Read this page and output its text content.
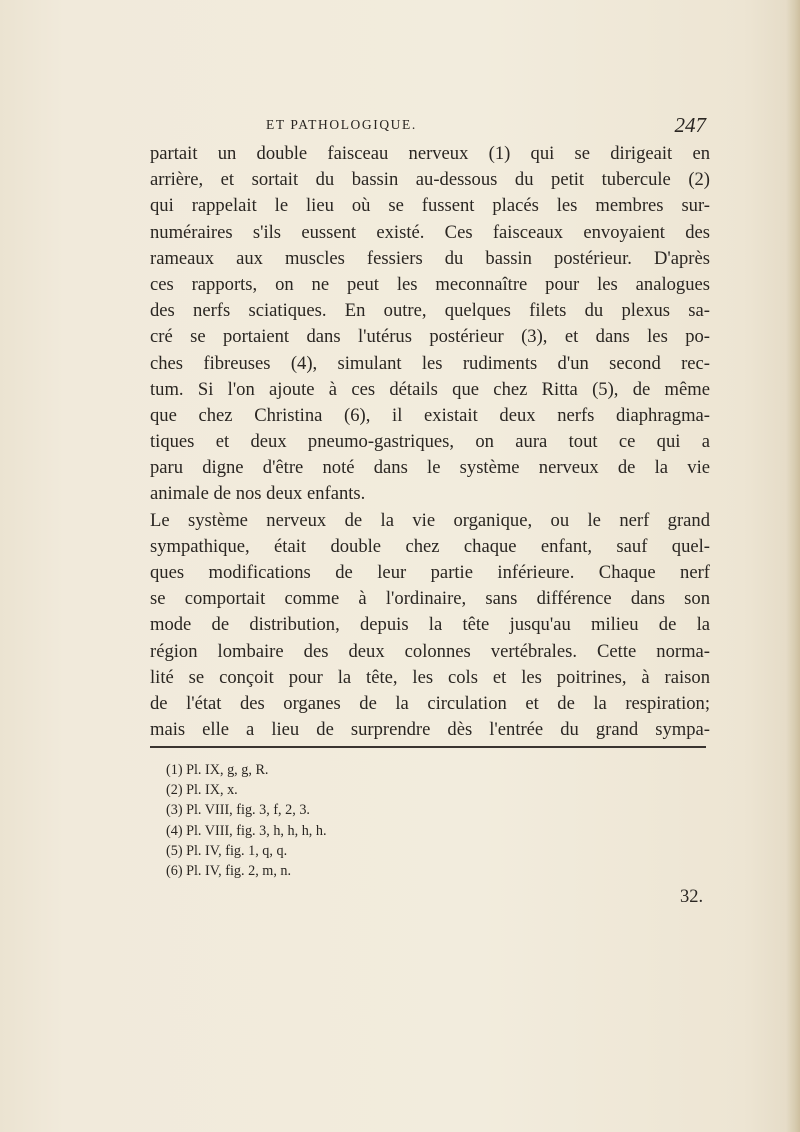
ET PATHOLOGIQUE.	247
partait un double faisceau nerveux (1) qui se dirigeait en
arrière, et sortait du bassin au-dessous du petit tubercule (2)
qui rappelait le lieu où se fussent placés les membres sur-
numéraires s'ils eussent existé. Ces faisceaux envoyaient des
rameaux aux muscles fessiers du bassin postérieur. D'après
ces rapports, on ne peut les meconnaître pour les analogues
des nerfs sciatiques. En outre, quelques filets du plexus sa-
cré se portaient dans l'utérus postérieur (3), et dans les po-
ches fibreuses (4), simulant les rudiments d'un second rec-
tum. Si l'on ajoute à ces détails que chez Ritta (5), de même
que chez Christina (6), il existait deux nerfs diaphragma-
tiques et deux pneumo-gastriques, on aura tout ce qui a
paru digne d'être noté dans le système nerveux de la vie
animale de nos deux enfants.
Le système nerveux de la vie organique, ou le nerf grand
sympathique, était double chez chaque enfant, sauf quel-
ques modifications de leur partie inférieure. Chaque nerf
se comportait comme à l'ordinaire, sans différence dans son
mode de distribution, depuis la tête jusqu'au milieu de la
région lombaire des deux colonnes vertébrales. Cette norma-
lité se conçoit pour la tête, les cols et les poitrines, à raison
de l'état des organes de la circulation et de la respiration;
mais elle a lieu de surprendre dès l'entrée du grand sympa-
(1) Pl. IX, g, g, R.
(2) Pl. IX, x.
(3) Pl. VIII, fig. 3, f, 2, 3.
(4) Pl. VIII, fig. 3, h, h, h, h.
(5) Pl. IV, fig. 1, q, q.
(6) Pl. IV, fig. 2, m, n.
32.
